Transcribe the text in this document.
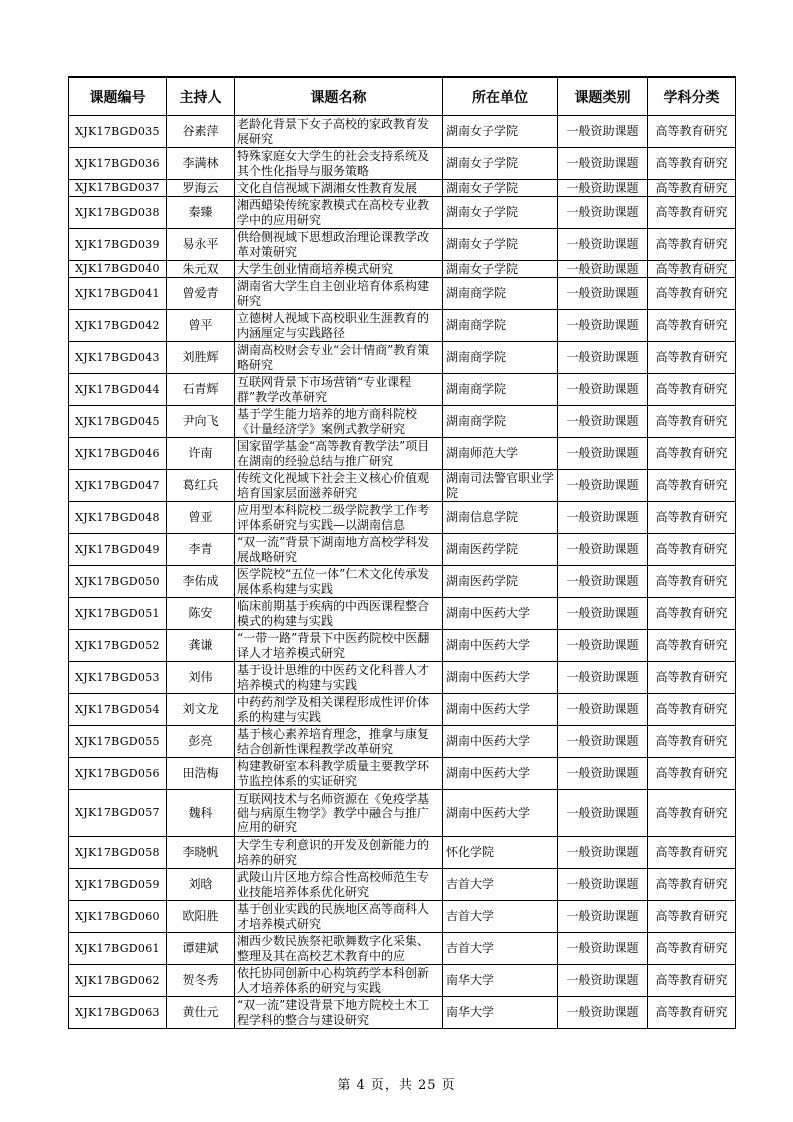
课题编号	主持人	课题名称	所在单位	课题类别	学科分类
XJK17BGD035	谷素萍	老龄化背景下女子高校的家政教育发展研究	湖南女子学院	一般资助课题	高等教育研究
XJK17BGD036	李满林	特殊家庭女大学生的社会支持系统及其个性化指导与服务策略	湖南女子学院	一般资助课题	高等教育研究
XJK17BGD037	罗海云	文化自信视域下湖湘女性教育发展	湖南女子学院	一般资助课题	高等教育研究
XJK17BGD038	秦臻	湘西蜡染传统家教模式在高校专业教学中的应用研究	湖南女子学院	一般资助课题	高等教育研究
XJK17BGD039	易永平	供给侧视域下思想政治理论课教学改革对策研究	湖南女子学院	一般资助课题	高等教育研究
XJK17BGD040	朱元双	大学生创业情商培养模式研究	湖南女子学院	一般资助课题	高等教育研究
XJK17BGD041	曾爱青	湖南省大学生自主创业培育体系构建研究	湖南商学院	一般资助课题	高等教育研究
XJK17BGD042	曾平	立德树人视域下高校职业生涯教育的内涵厘定与实践路径	湖南商学院	一般资助课题	高等教育研究
XJK17BGD043	刘胜辉	湖南高校财会专业“会计情商”教育策略研究	湖南商学院	一般资助课题	高等教育研究
XJK17BGD044	石青辉	互联网背景下市场营销“专业课程群”教学改革研究	湖南商学院	一般资助课题	高等教育研究
XJK17BGD045	尹向飞	基于学生能力培养的地方商科院校《计量经济学》案例式教学研究	湖南商学院	一般资助课题	高等教育研究
XJK17BGD046	许南	国家留学基金“高等教育教学法”项目在湖南的经验总结与推广研究	湖南师范大学	一般资助课题	高等教育研究
XJK17BGD047	葛红兵	传统文化视域下社会主义核心价值观培育国家层面滋养研究	湖南司法警官职业学院	一般资助课题	高等教育研究
XJK17BGD048	曾亚	应用型本科院校二级学院教学工作考评体系研究与实践—以湖南信息	湖南信息学院	一般资助课题	高等教育研究
XJK17BGD049	李青	“双一流”背景下湖南地方高校学科发展战略研究	湖南医药学院	一般资助课题	高等教育研究
XJK17BGD050	李佑成	医学院校“五位一体”仁术文化传承发展体系构建与实践	湖南医药学院	一般资助课题	高等教育研究
XJK17BGD051	陈安	临床前期基于疾病的中西医课程整合模式的构建与实践	湖南中医药大学	一般资助课题	高等教育研究
XJK17BGD052	龚谦	“一带一路”背景下中医药院校中医翻译人才培养模式研究	湖南中医药大学	一般资助课题	高等教育研究
XJK17BGD053	刘伟	基于设计思维的中医药文化科普人才培养模式的构建与实践	湖南中医药大学	一般资助课题	高等教育研究
XJK17BGD054	刘文龙	中药药剂学及相关课程形成性评价体系的构建与实践	湖南中医药大学	一般资助课题	高等教育研究
XJK17BGD055	彭亮	基于核心素养培育理念，推拿与康复结合创新性课程教学改革研究	湖南中医药大学	一般资助课题	高等教育研究
XJK17BGD056	田浩梅	构建教研室本科教学质量主要教学环节监控体系的实证研究	湖南中医药大学	一般资助课题	高等教育研究
XJK17BGD057	魏科	互联网技术与名师资源在《免疫学基础与病原生物学》教学中融合与推广应用的研究	湖南中医药大学	一般资助课题	高等教育研究
XJK17BGD058	李晓帆	大学生专利意识的开发及创新能力的培养的研究	怀化学院	一般资助课题	高等教育研究
XJK17BGD059	刘晗	武陵山片区地方综合性高校师范生专业技能培养体系优化研究	吉首大学	一般资助课题	高等教育研究
XJK17BGD060	欧阳胜	基于创业实践的民族地区高等商科人才培养模式研究	吉首大学	一般资助课题	高等教育研究
XJK17BGD061	谭建斌	湘西少数民族祭祀歌舞数字化采集、整理及其在高校艺术教育中的应	吉首大学	一般资助课题	高等教育研究
XJK17BGD062	贺冬秀	依托协同创新中心构筑药学本科创新人才培养体系的研究与实践	南华大学	一般资助课题	高等教育研究
XJK17BGD063	黄仕元	“双一流”建设背景下地方院校土木工程学科的整合与建设研究	南华大学	一般资助课题	高等教育研究
第 4 页，共 25 页
